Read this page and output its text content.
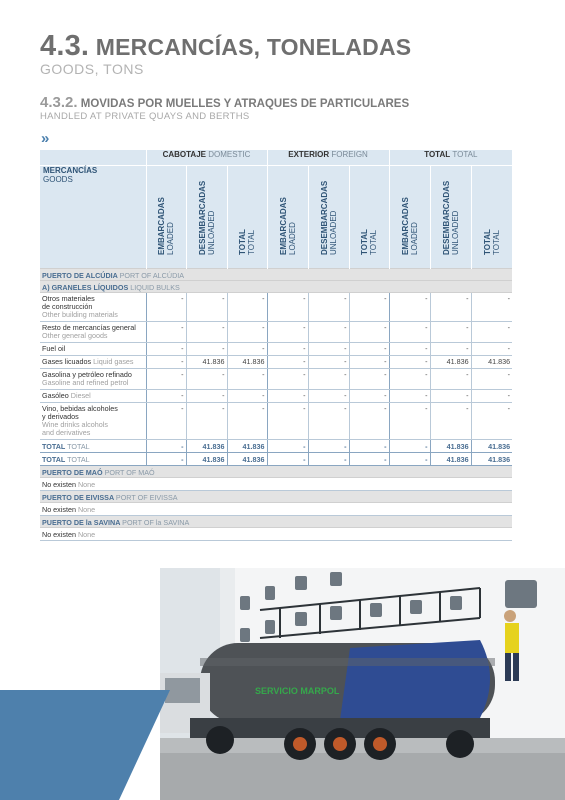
4.3. MERCANCÍAS, TONELADAS
GOODS, TONS
4.3.2. MOVIDAS POR MUELLES Y ATRAQUES DE PARTICULARES
HANDLED AT PRIVATE QUAYS AND BERTHS
»
	CABOTAJE DOMESTIC			EXTERIOR FOREIGN			TOTAL TOTAL		

MERCANCÍAS
GOODS	EMBARCADAS LOADED	DESEMBARCADAS UNLOADED	TOTAL TOTAL	EMBARCADAS LOADED	DESEMBARCADAS UNLOADED	TOTAL TOTAL	EMBARCADAS LOADED	DESEMBARCADAS UNLOADED	TOTAL TOTAL

PUERTO DE ALCÚDIA PORT OF ALCÚDIA									
A) GRANELES LÍQUIDOS LIQUID BULKS									
Otros materiales
de construcción
Other building materials	-	-	-	-	-	-	-	-	-
Resto de mercancías general
Other general goods	-	-	-	-	-	-	-	-	-
Fuel oil	-	-	-	-	-	-	-	-	-
Gases licuados Liquid gases	-	41.836	41.836	-	-	-	-	41.836	41.836
Gasolina y petróleo refinado
Gasoline and refined petrol	-	-	-	-	-	-	-	-	-
Gasóleo Diesel	-	-	-	-	-	-	-	-	-
Vino, bebidas alcoholes
y derivados
Wine drinks alcohols
and derivatives	-	-	-	-	-	-	-	-	-
TOTAL TOTAL	-	41.836	41.836	-	-	-	-	41.836	41.836
TOTAL TOTAL	-	41.836	41.836	-	-	-	-	41.836	41.836
PUERTO DE MAÓ PORT OF MAÓ									
No existen None									
PUERTO DE EIVISSA PORT OF EIVISSA									
No existen None									
PUERTO DE la SAVINA PORT OF la SAVINA									
No existen None									
SERVICIO MARPOL
